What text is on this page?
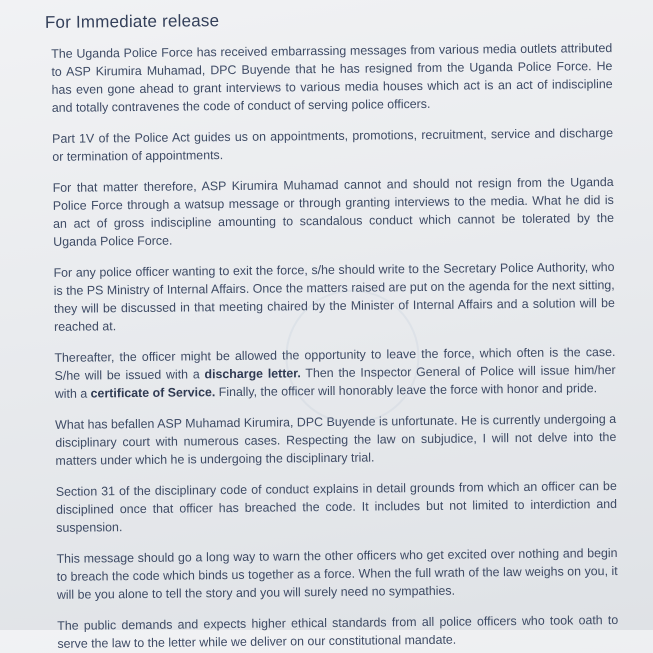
For Immediate release

The Uganda Police Force has received embarrassing messages from various media outlets attributed to ASP Kirumira Muhamad, DPC Buyende that he has resigned from the Uganda Police Force. He has even gone ahead to grant interviews to various media houses which act is an act of indiscipline and totally contravenes the code of conduct of serving police officers.

Part 1V of the Police Act guides us on appointments, promotions, recruitment, service and discharge or termination of appointments.

For that matter therefore, ASP Kirumira Muhamad cannot and should not resign from the Uganda Police Force through a watsup message or through granting interviews to the media. What he did is an act of gross indiscipline amounting to scandalous conduct which cannot be tolerated by the Uganda Police Force.

For any police officer wanting to exit the force, s/he should write to the Secretary Police Authority, who is the PS Ministry of Internal Affairs. Once the matters raised are put on the agenda for the next sitting, they will be discussed in that meeting chaired by the Minister of Internal Affairs and a solution will be reached at.

Thereafter, the officer might be allowed the opportunity to leave the force, which often is the case. S/he will be issued with a discharge letter. Then the Inspector General of Police will issue him/her with a certificate of Service. Finally, the officer will honorably leave the force with honor and pride.

What has befallen ASP Muhamad Kirumira, DPC Buyende is unfortunate. He is currently undergoing a disciplinary court with numerous cases. Respecting the law on subjudice, I will not delve into the matters under which he is undergoing the disciplinary trial.

Section 31 of the disciplinary code of conduct explains in detail grounds from which an officer can be disciplined once that officer has breached the code. It includes but not limited to interdiction and suspension.

This message should go a long way to warn the other officers who get excited over nothing and begin to breach the code which binds us together as a force. When the full wrath of the law weighs on you, it will be you alone to tell the story and you will surely need no sympathies.

The public demands and expects higher ethical standards from all police officers who took oath to serve the law to the letter while we deliver on our constitutional mandate.
